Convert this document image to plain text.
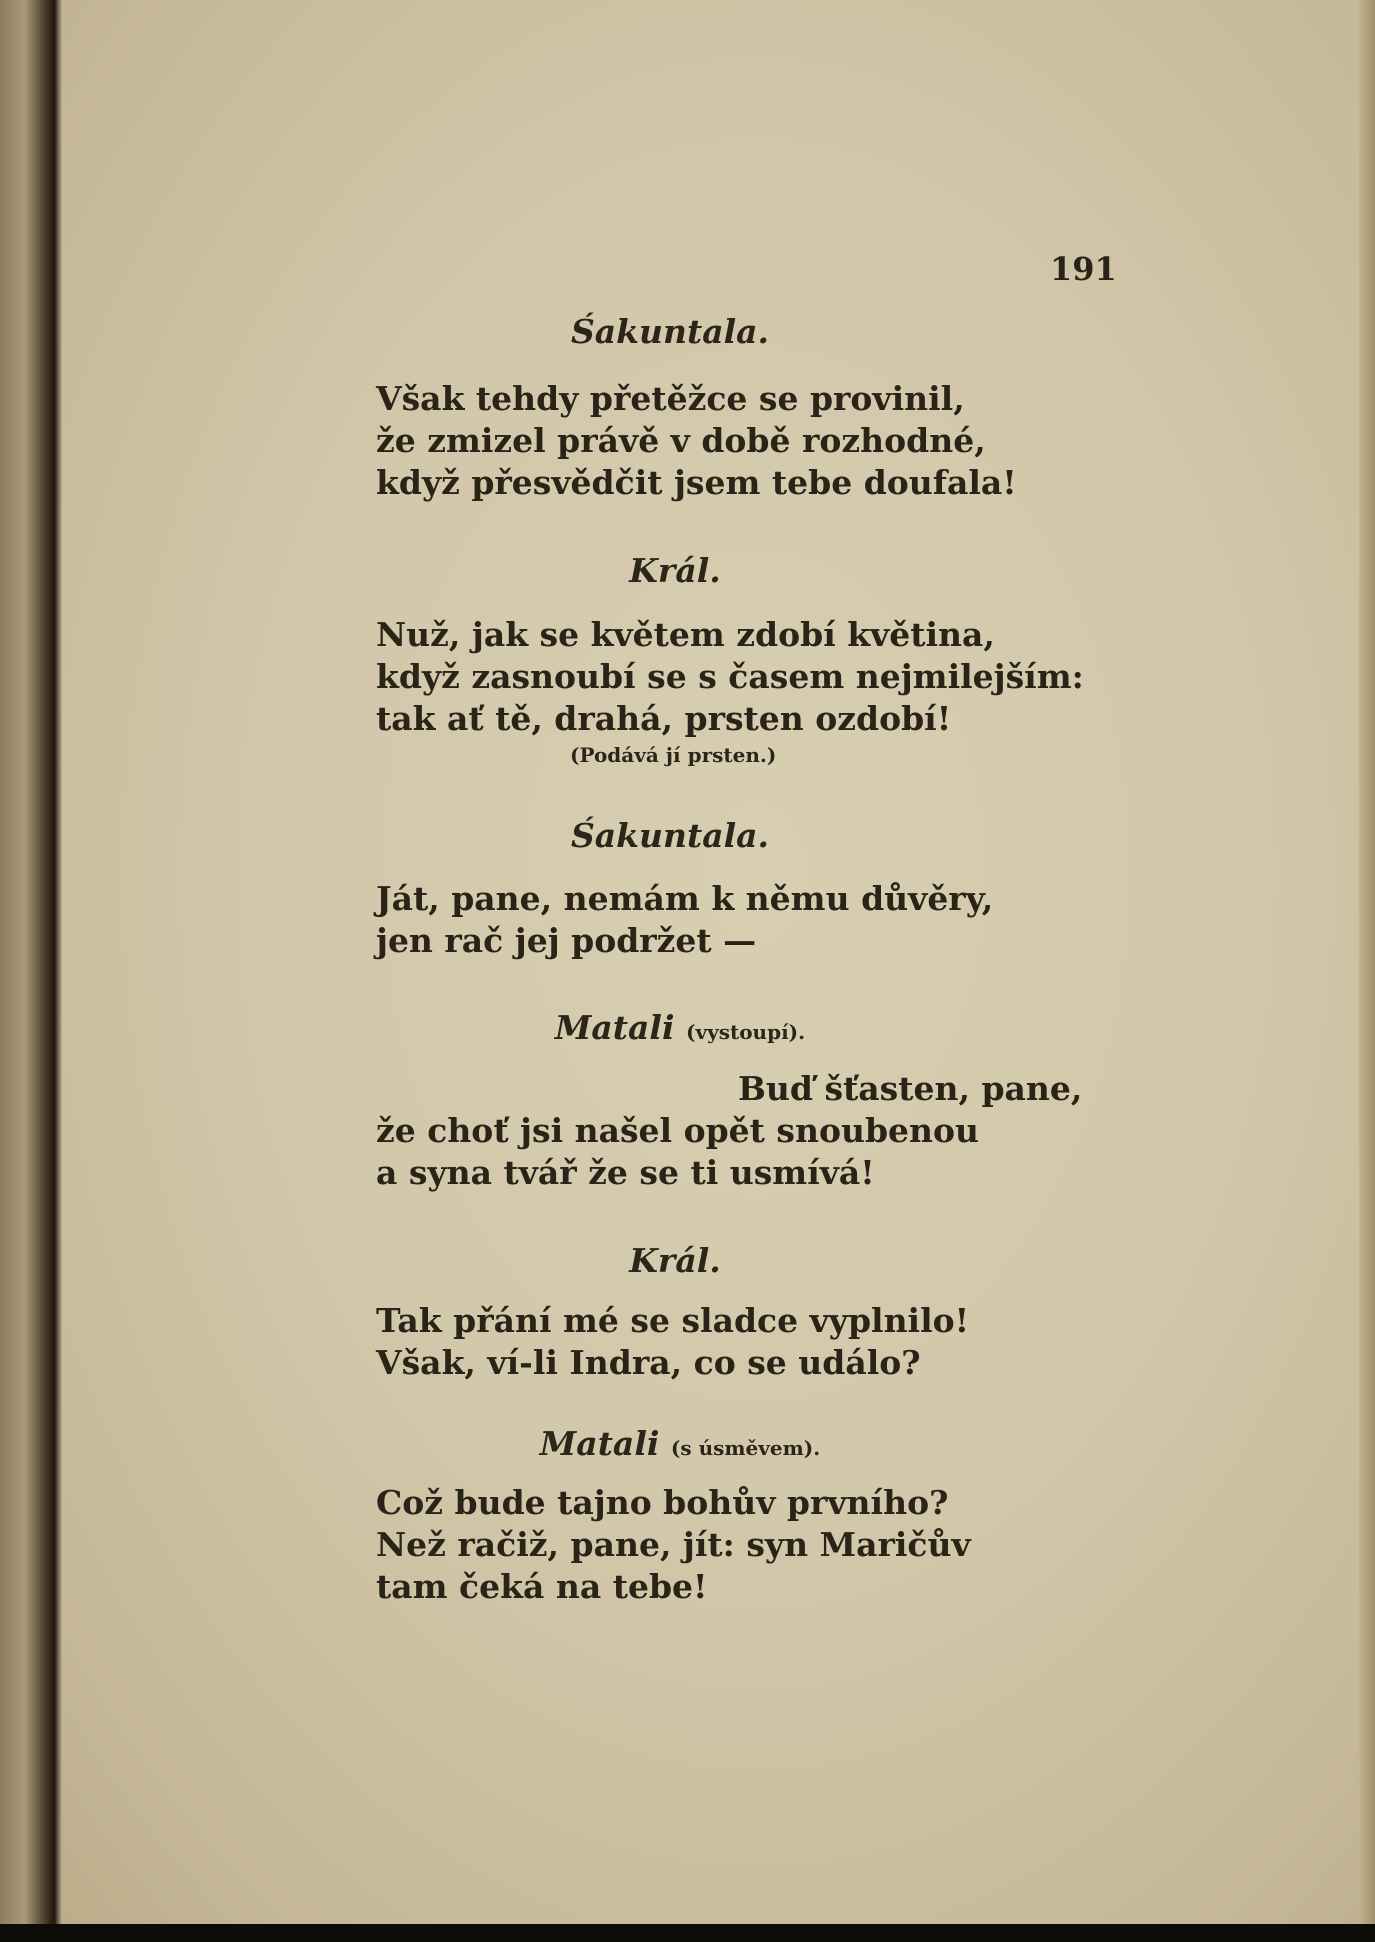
191
Śakuntala.
Však tehdy přetěžce se provinil,
že zmizel právě v době rozhodné,
když přesvědčit jsem tebe doufala!
Král.
Nuž, jak se květem zdobí květina,
když zasnoubí se s časem nejmilejším:
tak ať tě, drahá, prsten ozdobí!
(Podává jí prsten.)
Śakuntala.
Ját, pane, nemám k němu důvěry,
jen rač jej podržet —
Matali (vystoupí).
Buď šťasten, pane,
že choť jsi našel opět snoubenou
a syna tvář že se ti usmívá!
Král.
Tak přání mé se sladce vyplnilo!
Však, ví-li Indra, co se událo?
Matali (s úsměvem).
Což bude tajno bohův prvního?
Než račiž, pane, jít: syn Maričův
tam čeká na tebe!
